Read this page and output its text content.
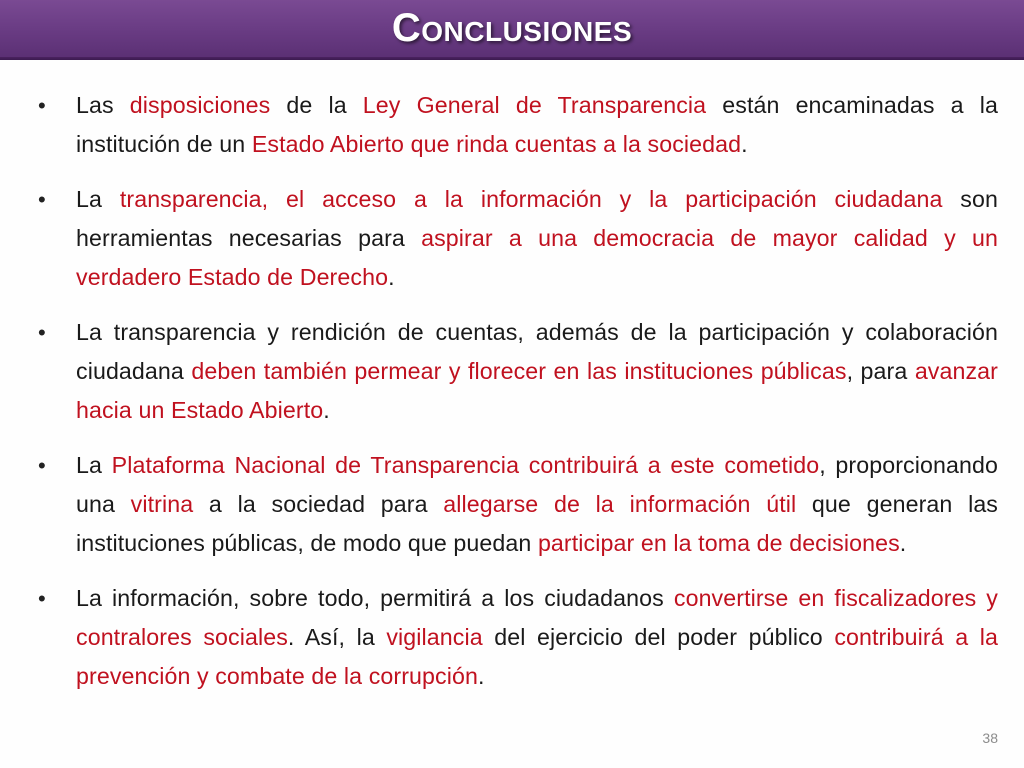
Conclusiones
• Las disposiciones de la Ley General de Transparencia están encaminadas a la institución de un Estado Abierto que rinda cuentas a la sociedad.
• La transparencia, el acceso a la información y la participación ciudadana son herramientas necesarias para aspirar a una democracia de mayor calidad y un verdadero Estado de Derecho.
• La transparencia y rendición de cuentas, además de la participación y colaboración ciudadana deben también permear y florecer en las instituciones públicas, para avanzar hacia un Estado Abierto.
• La Plataforma Nacional de Transparencia contribuirá a este cometido, proporcionando una vitrina a la sociedad para allegarse de la información útil que generan las instituciones públicas, de modo que puedan participar en la toma de decisiones.
• La información, sobre todo, permitirá a los ciudadanos convertirse en fiscalizadores y contralores sociales. Así, la vigilancia del ejercicio del poder público contribuirá a la prevención y combate de la corrupción.
38
